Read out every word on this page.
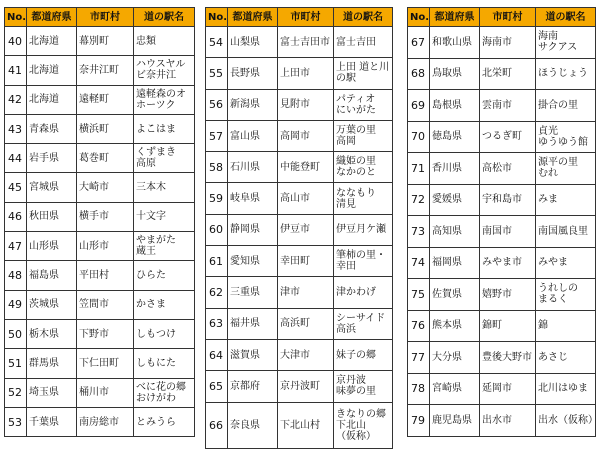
No.	都道府県	市町村	道の駅名
40	北海道	幕別町	忠類
41	北海道	奈井江町	ハウスヤル
ビ奈井江
42	北海道	遠軽町	遠軽森のオ
ホーツク
43	青森県	横浜町	よこはま
44	岩手県	葛巻町	くずまき
高原
45	宮城県	大崎市	三本木
46	秋田県	横手市	十文字
47	山形県	山形市	やまがた
蔵王
48	福島県	平田村	ひらた
49	茨城県	笠間市	かさま
50	栃木県	下野市	しもつけ
51	群馬県	下仁田町	しもにた
52	埼玉県	桶川市	べに花の郷
おけがわ
53	千葉県	南房総市	とみうら
No.	都道府県	市町村	道の駅名
54	山梨県	富士吉田市	富士吉田
55	長野県	上田市	上田 道と川
の駅
56	新潟県	見附市	パティオ
にいがた
57	富山県	高岡市	万葉の里
高岡
58	石川県	中能登町	織姫の里
なかのと
59	岐阜県	高山市	ななもり
清見
60	静岡県	伊豆市	伊豆月ケ瀬
61	愛知県	幸田町	筆柿の里・
幸田
62	三重県	津市	津かわげ
63	福井県	高浜町	シーサイド
高浜
64	滋賀県	大津市	妹子の郷
65	京都府	京丹波町	京丹波
味夢の里
66	奈良県	下北山村	きなりの郷
下北山
（仮称）
No.	都道府県	市町村	道の駅名
67	和歌山県	海南市	海南
サクアス
68	鳥取県	北栄町	ほうじょう
69	島根県	雲南市	掛合の里
70	徳島県	つるぎ町	貞光
ゆうゆう館
71	香川県	高松市	源平の里
むれ
72	愛媛県	宇和島市	みま
73	高知県	南国市	南国風良里
74	福岡県	みやま市	みやま
75	佐賀県	嬉野市	うれしの
まるく
76	熊本県	錦町	錦
77	大分県	豊後大野市	あさじ
78	宮崎県	延岡市	北川はゆま
79	鹿児島県	出水市	出水（仮称）
